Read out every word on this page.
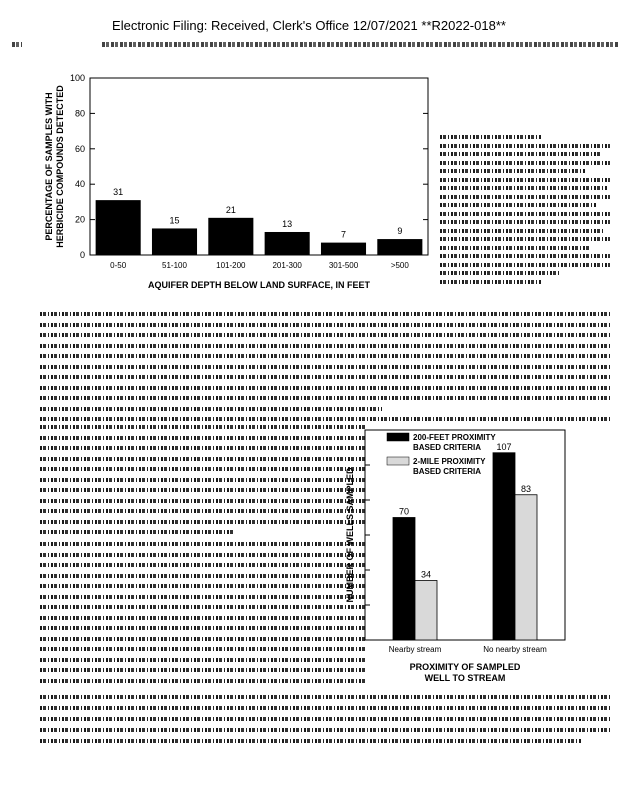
Electronic Filing: Received, Clerk's Office 12/07/2021 **R2022-018**
0
20
40
60
80
100
31
0-50
15
51-100
21
101-200
13
201-300
7
301-500
9
>500
AQUIFER DEPTH BELOW LAND SURFACE, IN FEET
PERCENTAGE OF SAMPLES WITH HERBICIDE COMPOUNDS DETECTED
200-FEET PROXIMITY BASED CRITERIA
2-MILE PROXIMITY BASED CRITERIA
70
34
Nearby stream
107
83
No nearby stream
PROXIMITY OF SAMPLED
WELL TO STREAM
NUMBER OF WELLS SAMPLED
